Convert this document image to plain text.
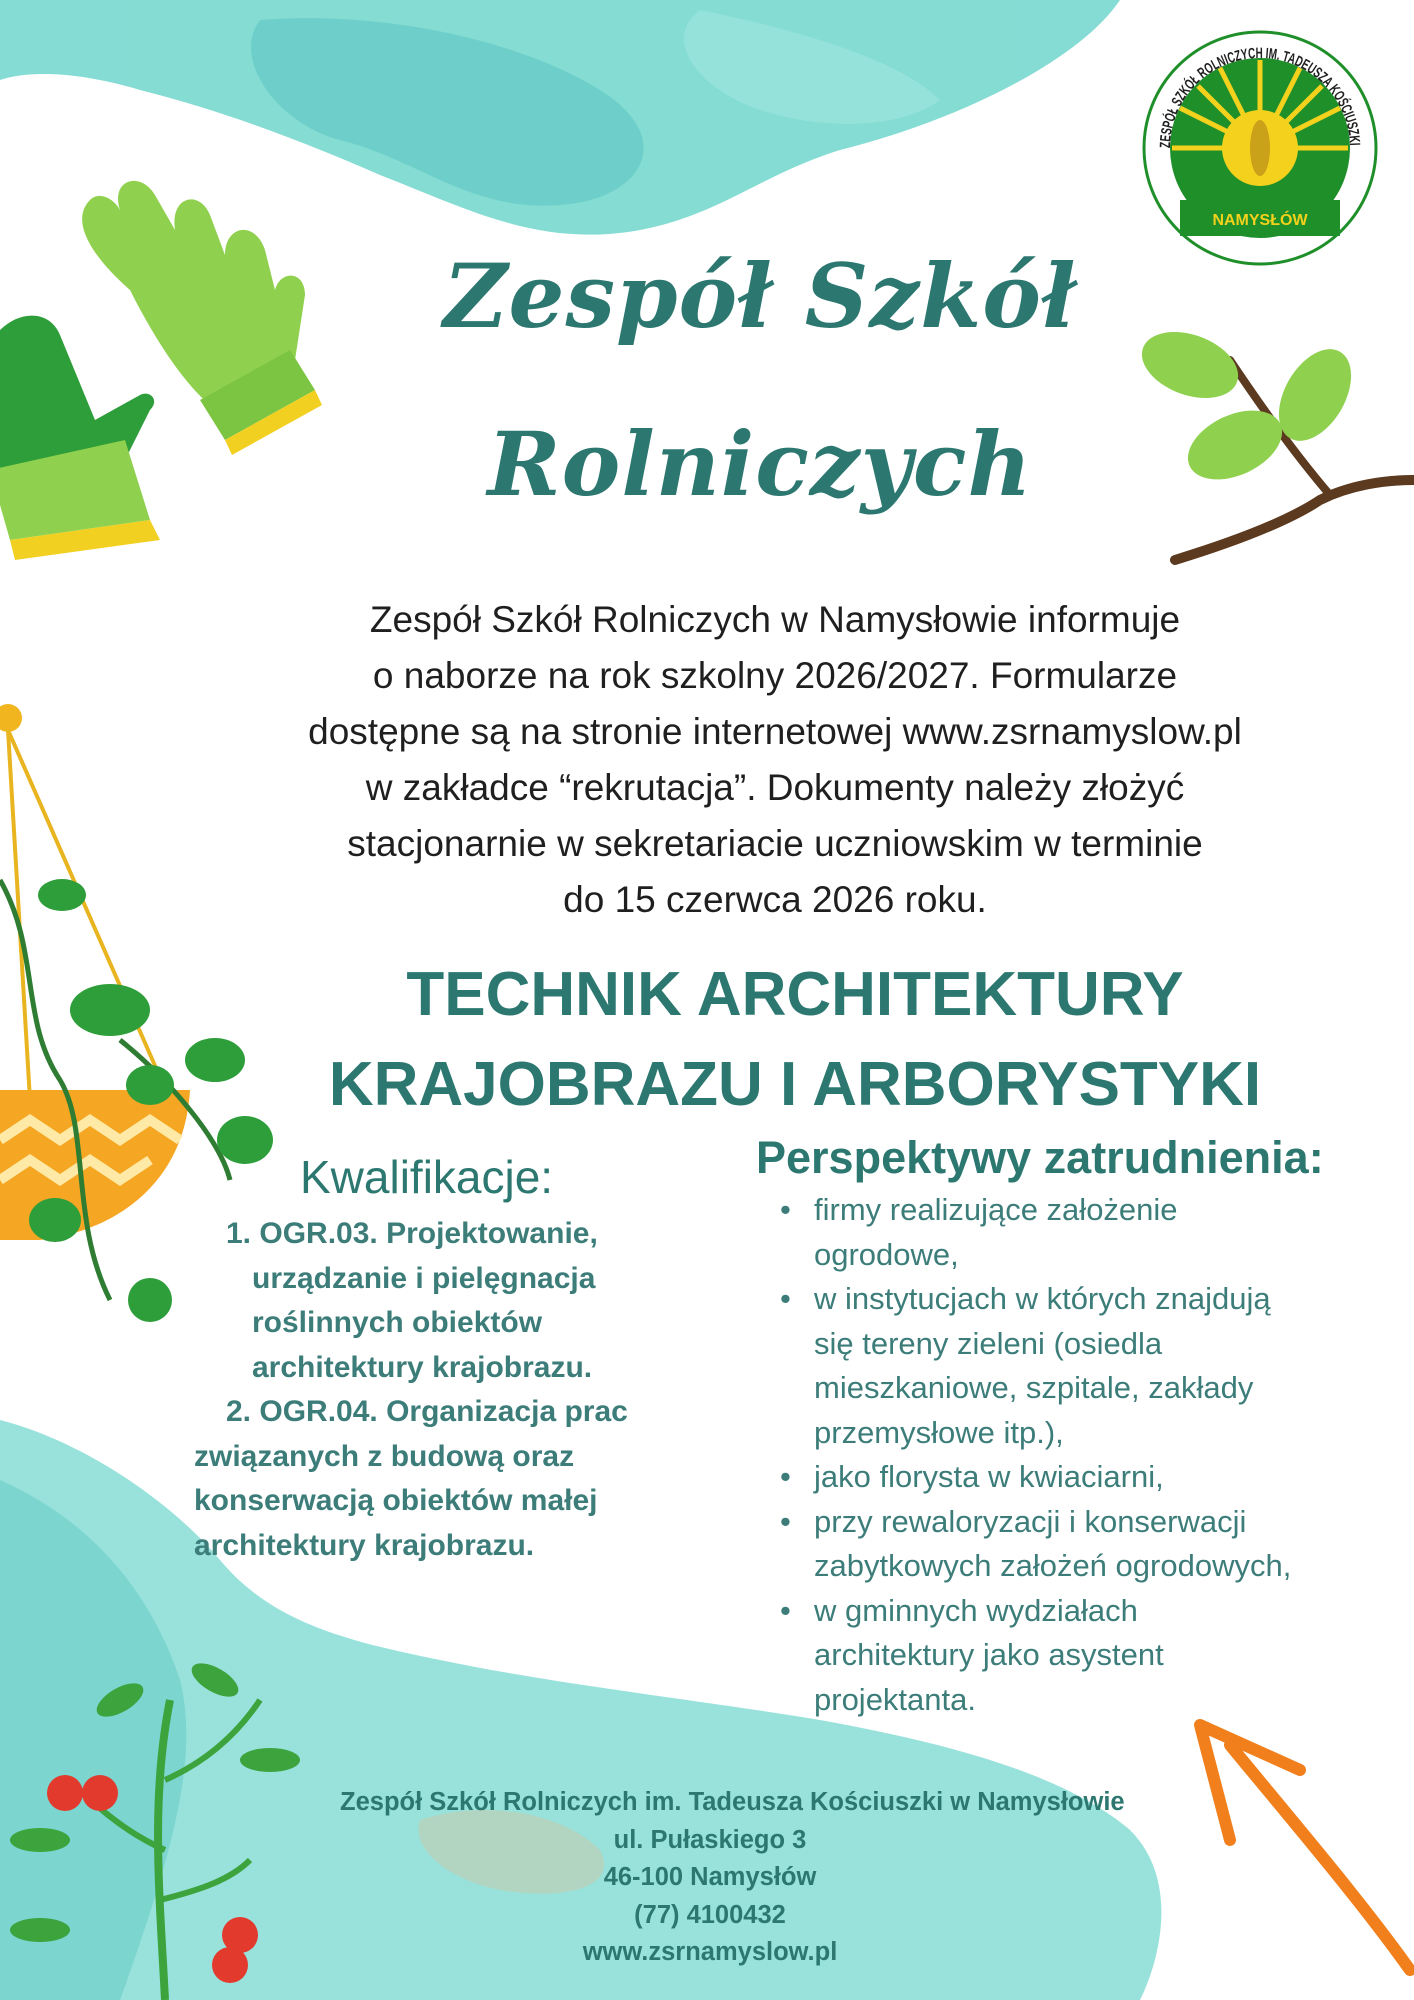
ZESPÓŁ SZKÓŁ ROLNICZYCH IM. TADEUSZA KOŚCIUSZKI
NAMYSŁÓW
Zespół Szkół
Rolniczych

Zespół Szkół Rolniczych w Namysłowie informuje
o naborze na rok szkolny 2026/2027. Formularze
dostępne są na stronie internetowej www.zsrnamyslow.pl
w zakładce “rekrutacja”. Dokumenty należy złożyć
stacjonarnie w sekretariacie uczniowskim w terminie
do 15 czerwca 2026 roku.

TECHNIK ARCHITEKTURY
KRAJOBRAZU I ARBORYSTYKI
Kwalifikacje:

1. OGR.03. Projektowanie,
urządzanie i pielęgnacja
roślinnych obiektów
architektury krajobrazu.
2. OGR.04. Organizacja prac
związanych z budową oraz
konserwacją obiektów małej
architektury krajobrazu.

Perspektywy zatrudnienia:
• firmy realizujące założenie
ogrodowe,
• w instytucjach w których znajdują
się tereny zieleni (osiedla
mieszkaniowe, szpitale, zakłady
przemysłowe itp.),
• jako florysta w kwiaciarni,
• przy rewaloryzacji i konserwacji
zabytkowych założeń ogrodowych,
• w gminnych wydziałach
architektury jako asystent
projektanta.
Zespół Szkół Rolniczych im. Tadeusza Kościuszki w Namysłowie
ul. Pułaskiego 3
46-100 Namysłów
(77) 4100432
www.zsrnamyslow.pl
